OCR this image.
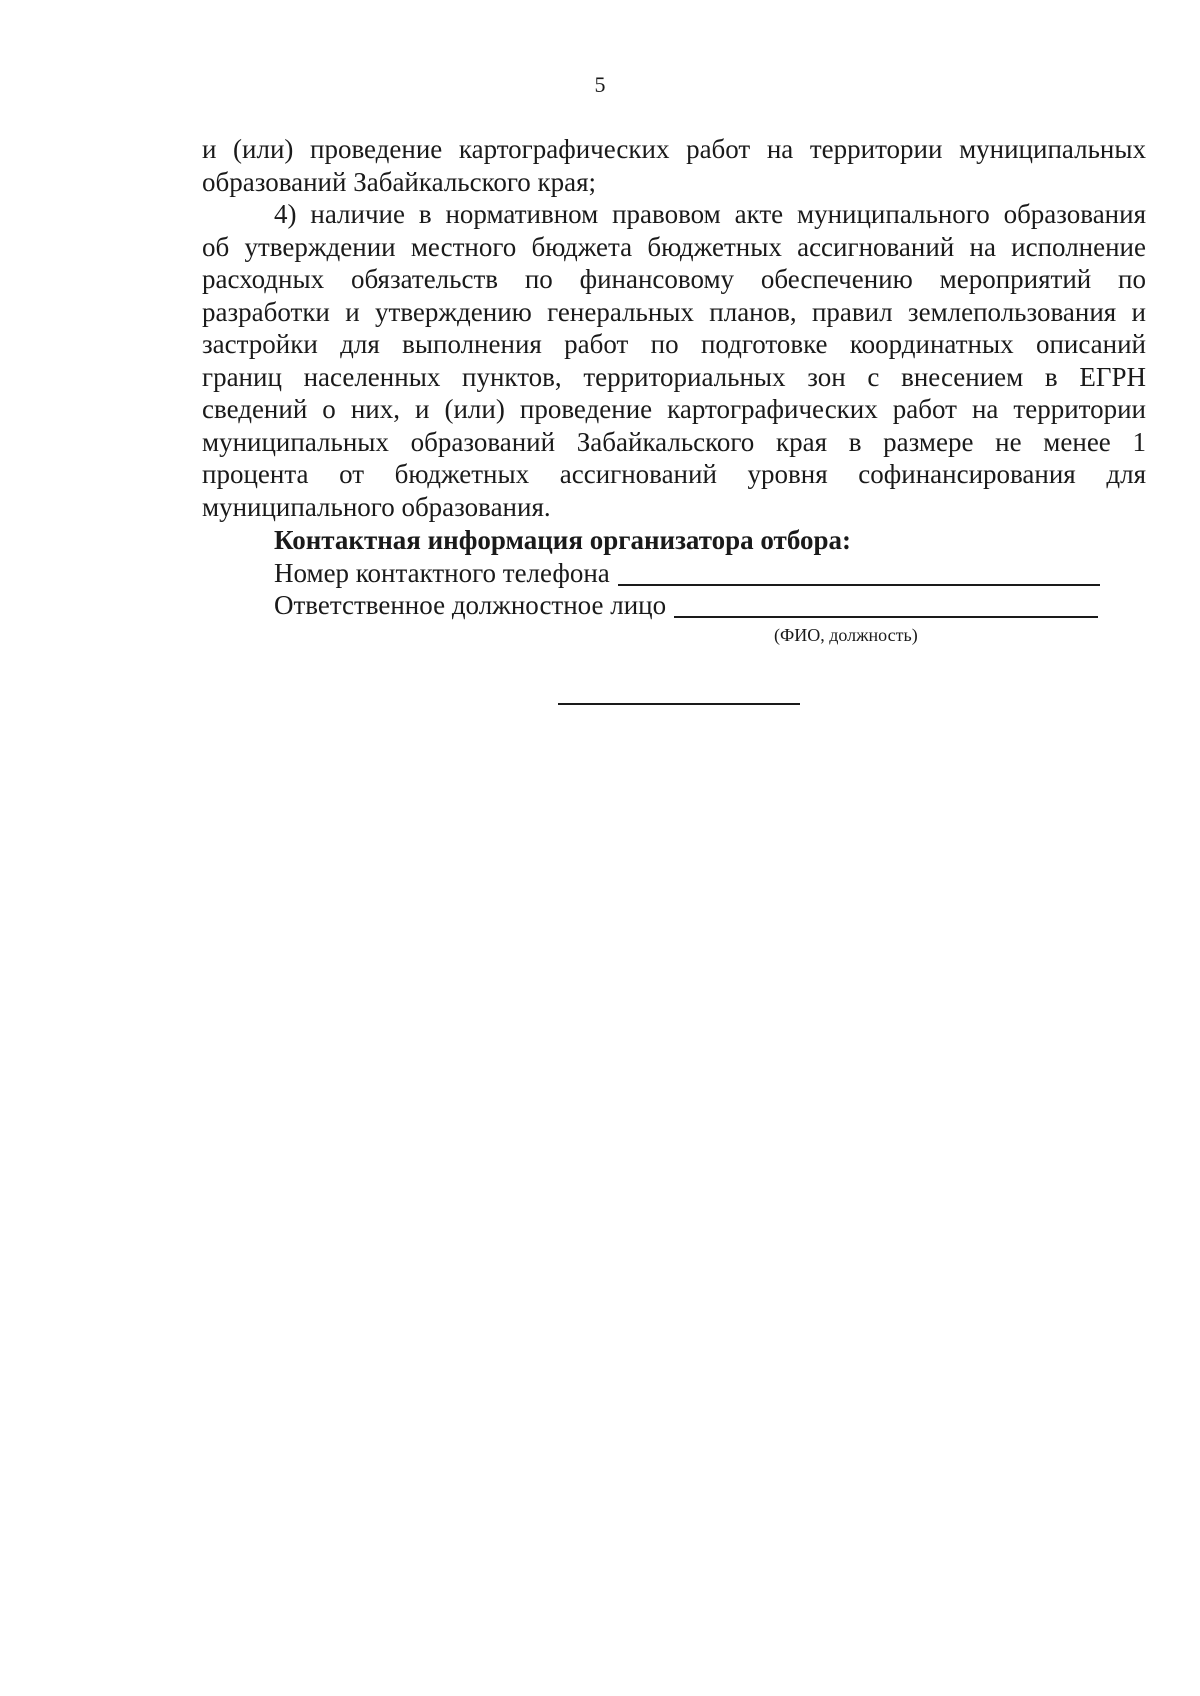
5

и (или) проведение картографических работ на территории муниципальных
образований Забайкальского края;

4) наличие в нормативном правовом акте муниципального образования
об утверждении местного бюджета бюджетных ассигнований на исполнение
расходных обязательств по финансовому обеспечению мероприятий по
разработки и утверждению генеральных планов, правил землепользования и
застройки для выполнения работ по подготовке координатных описаний
границ населенных пунктов, территориальных зон с внесением в ЕГРН
сведений о них, и (или) проведение картографических работ на территории
муниципальных образований Забайкальского края в размере не менее 1
процента от бюджетных ассигнований уровня софинансирования для
муниципального образования.

Контактная информация организатора отбора:

Номер контактного телефона
Ответственное должностное лицо
(ФИО, должность)
